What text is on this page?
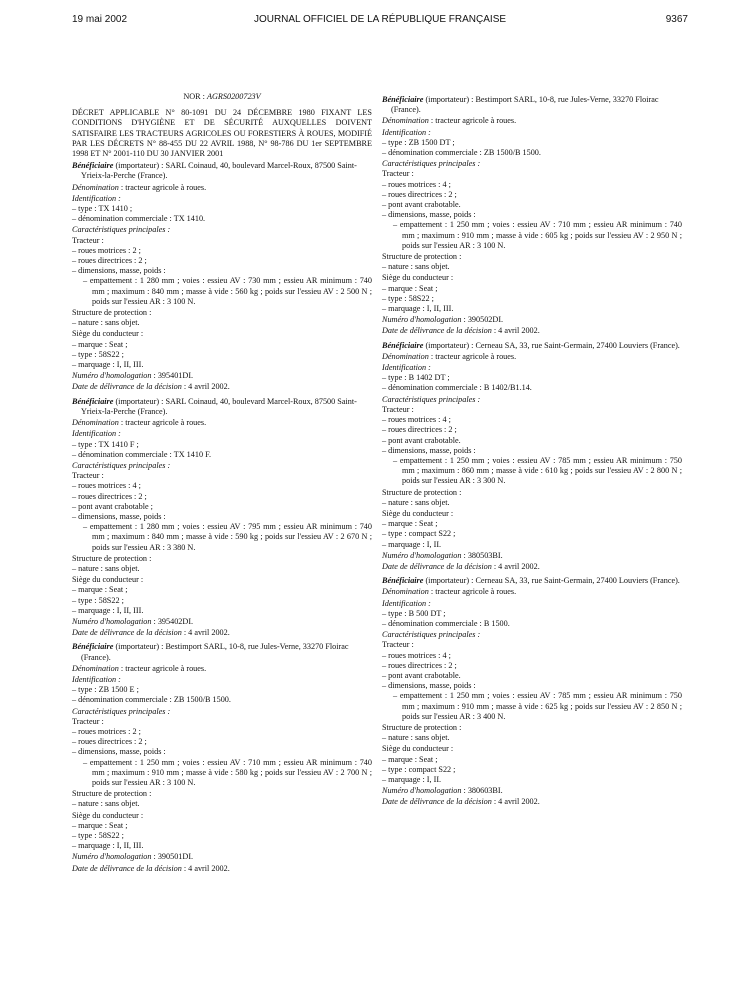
19 mai 2002	JOURNAL OFFICIEL DE LA RÉPUBLIQUE FRANÇAISE	9367
NOR : AGRS0200723V
DÉCRET APPLICABLE N° 80-1091 DU 24 DÉCEMBRE 1980 FIXANT LES CONDITIONS D'HYGIÈNE ET DE SÉCURITÉ AUXQUELLES DOIVENT SATISFAIRE LES TRACTEURS AGRICOLES OU FORESTIERS À ROUES, MODIFIÉ PAR LES DÉCRETS N° 88-455 DU 22 AVRIL 1988, N° 98-786 DU 1er SEPTEMBRE 1998 ET N° 2001-110 DU 30 JANVIER 2001
Bénéficiaire (importateur) : SARL Coinaud, 40, boulevard Marcel-Roux, 87500 Saint-Yrieix-la-Perche (France).
Dénomination : tracteur agricole à roues.
Identification :
– type : TX 1410 ;
– dénomination commerciale : TX 1410.
Caractéristiques principales :
Tracteur :
– roues motrices : 2 ;
– roues directrices : 2 ;
– dimensions, masse, poids :
– empattement : 1 280 mm ; voies : essieu AV : 730 mm ; essieu AR minimum : 740 mm ; maximum : 840 mm ; masse à vide : 560 kg ; poids sur l'essieu AV : 2 500 N ; poids sur l'essieu AR : 3 100 N.
Structure de protection :
– nature : sans objet.
Siège du conducteur :
– marque : Seat ;
– type : 58S22 ;
– marquage : I, II, III.
Numéro d'homologation : 395401DI.
Date de délivrance de la décision : 4 avril 2002.
Bénéficiaire (importateur) : SARL Coinaud, 40, boulevard Marcel-Roux, 87500 Saint-Yrieix-la-Perche (France).
Dénomination : tracteur agricole à roues.
Identification :
– type : TX 1410 F ;
– dénomination commerciale : TX 1410 F.
Caractéristiques principales :
Tracteur :
– roues motrices : 4 ;
– roues directrices : 2 ;
– pont avant crabotable ;
– dimensions, masse, poids :
– empattement : 1 280 mm ; voies : essieu AV : 795 mm ; essieu AR minimum : 740 mm ; maximum : 840 mm ; masse à vide : 590 kg ; poids sur l'essieu AV : 2 670 N ; poids sur l'essieu AR : 3 380 N.
Structure de protection :
– nature : sans objet.
Siège du conducteur :
– marque : Seat ;
– type : 58S22 ;
– marquage : I, II, III.
Numéro d'homologation : 395402DI.
Date de délivrance de la décision : 4 avril 2002.
Bénéficiaire (importateur) : Bestimport SARL, 10-8, rue Jules-Verne, 33270 Floirac (France).
Dénomination : tracteur agricole à roues.
Identification :
– type : ZB 1500 E ;
– dénomination commerciale : ZB 1500/B 1500.
Caractéristiques principales :
Tracteur :
– roues motrices : 2 ;
– roues directrices : 2 ;
– dimensions, masse, poids :
– empattement : 1 250 mm ; voies : essieu AV : 710 mm ; essieu AR minimum : 740 mm ; maximum : 910 mm ; masse à vide : 580 kg ; poids sur l'essieu AV : 2 700 N ; poids sur l'essieu AR : 3 100 N.
Structure de protection :
– nature : sans objet.
Siège du conducteur :
– marque : Seat ;
– type : 58S22 ;
– marquage : I, II, III.
Numéro d'homologation : 390501DI.
Date de délivrance de la décision : 4 avril 2002.
Bénéficiaire (importateur) : Bestimport SARL, 10-8, rue Jules-Verne, 33270 Floirac (France).
Dénomination : tracteur agricole à roues.
Identification :
– type : ZB 1500 DT ;
– dénomination commerciale : ZB 1500/B 1500.
Caractéristiques principales :
Tracteur :
– roues motrices : 4 ;
– roues directrices : 2 ;
– pont avant crabotable.
– dimensions, masse, poids :
– empattement : 1 250 mm ; voies : essieu AV : 710 mm ; essieu AR minimum : 740 mm ; maximum : 910 mm ; masse à vide : 605 kg ; poids sur l'essieu AV : 2 950 N ; poids sur l'essieu AR : 3 100 N.
Structure de protection :
– nature : sans objet.
Siège du conducteur :
– marque : Seat ;
– type : 58S22 ;
– marquage : I, II, III.
Numéro d'homologation : 390502DI.
Date de délivrance de la décision : 4 avril 2002.
Bénéficiaire (importateur) : Cerneau SA, 33, rue Saint-Germain, 27400 Louviers (France).
Dénomination : tracteur agricole à roues.
Identification :
– type : B 1402 DT ;
– dénomination commerciale : B 1402/B1.14.
Caractéristiques principales :
Tracteur :
– roues motrices : 4 ;
– roues directrices : 2 ;
– pont avant crabotable.
– dimensions, masse, poids :
– empattement : 1 250 mm ; voies : essieu AV : 785 mm ; essieu AR minimum : 750 mm ; maximum : 860 mm ; masse à vide : 610 kg ; poids sur l'essieu AV : 2 800 N ; poids sur l'essieu AR : 3 300 N.
Structure de protection :
– nature : sans objet.
Siège du conducteur :
– marque : Seat ;
– type : compact S22 ;
– marquage : I, II.
Numéro d'homologation : 380503BI.
Date de délivrance de la décision : 4 avril 2002.
Bénéficiaire (importateur) : Cerneau SA, 33, rue Saint-Germain, 27400 Louviers (France).
Dénomination : tracteur agricole à roues.
Identification :
– type : B 500 DT ;
– dénomination commerciale : B 1500.
Caractéristiques principales :
Tracteur :
– roues motrices : 4 ;
– roues directrices : 2 ;
– pont avant crabotable.
– dimensions, masse, poids :
– empattement : 1 250 mm ; voies : essieu AV : 785 mm ; essieu AR minimum : 750 mm ; maximum : 910 mm ; masse à vide : 625 kg ; poids sur l'essieu AV : 2 850 N ; poids sur l'essieu AR : 3 400 N.
Structure de protection :
– nature : sans objet.
Siège du conducteur :
– marque : Seat ;
– type : compact S22 ;
– marquage : I, II.
Numéro d'homologation : 380603BI.
Date de délivrance de la décision : 4 avril 2002.
